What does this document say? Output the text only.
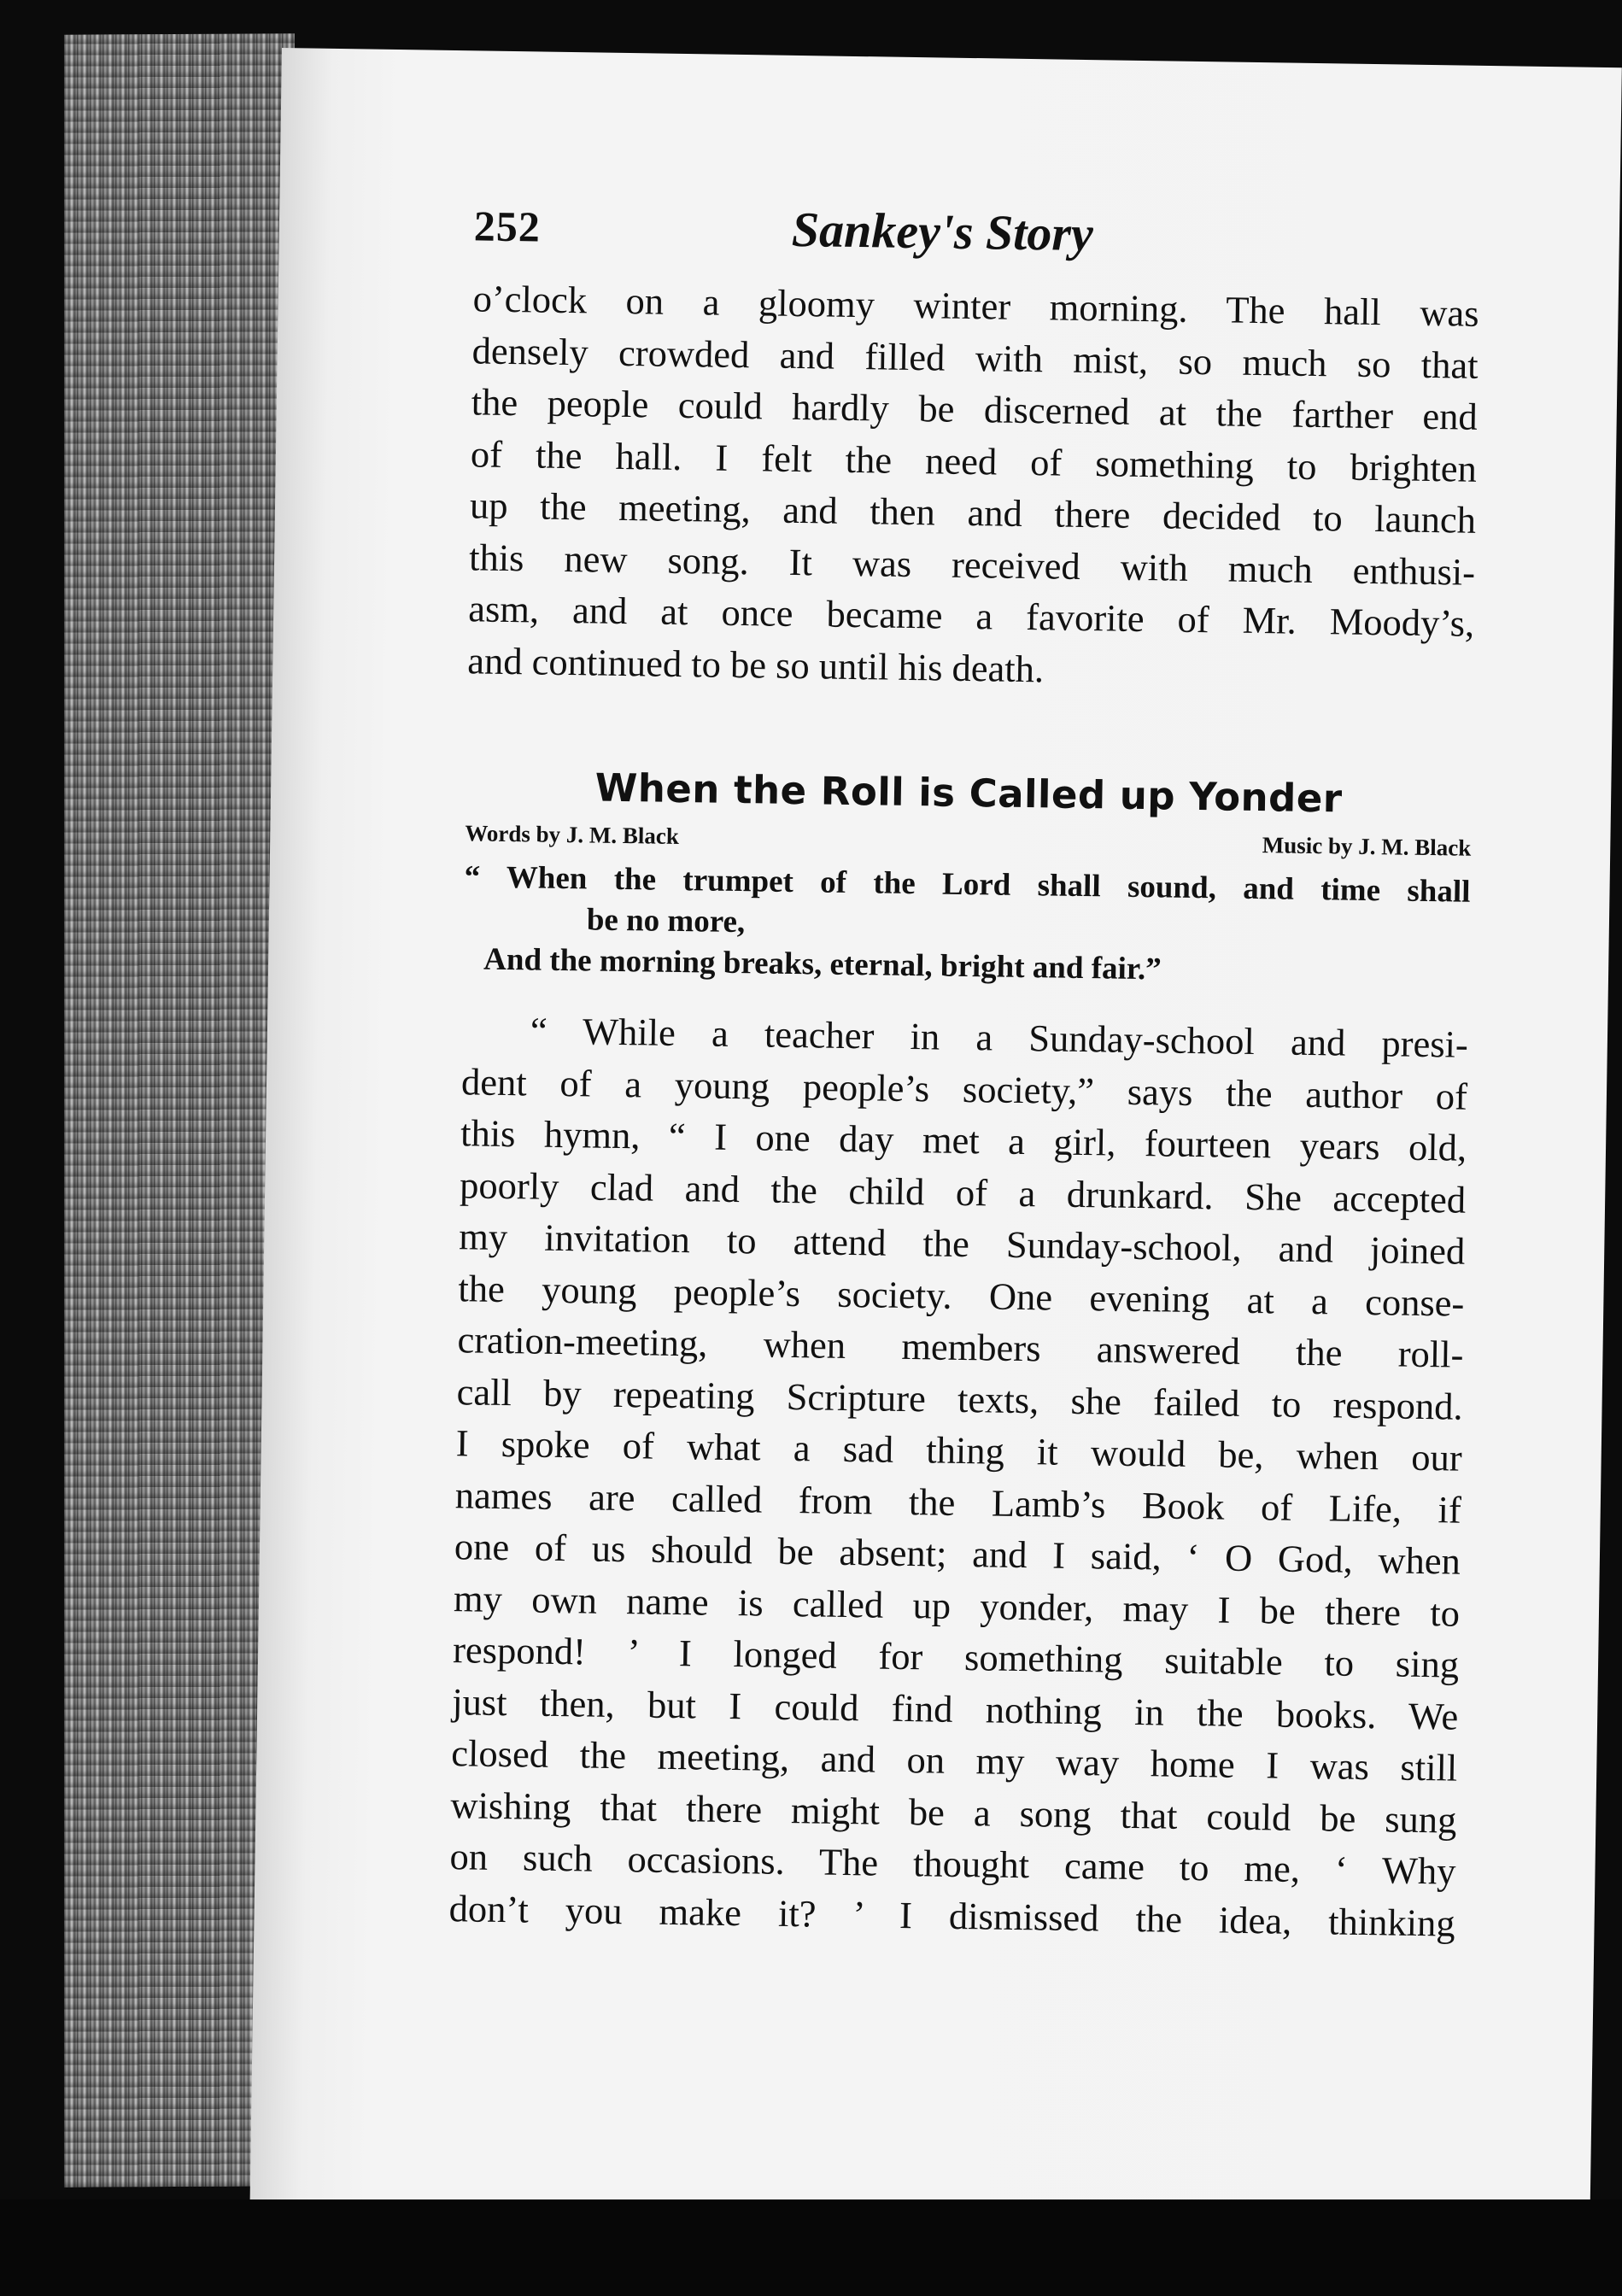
252	Sankey's Story

o’clock on a gloomy winter morning. The hall was

densely crowded and filled with mist, so much so that

the people could hardly be discerned at the farther end

of the hall. I felt the need of something to brighten

up the meeting, and then and there decided to launch

this new song. It was received with much enthusi-

asm, and at once became a favorite of Mr. Moody’s,

and continued to be so until his death.

When the Roll is Called up Yonder
Words by J. M. Black	Music by J. M. Black
“ When the trumpet of the Lord shall sound, and time shall
be no more,
And the morning breaks, eternal, bright and fair.”

“ While a teacher in a Sunday-school and presi-

dent of a young people’s society,” says the author of

this hymn, “ I one day met a girl, fourteen years old,

poorly clad and the child of a drunkard. She accepted

my invitation to attend the Sunday-school, and joined

the young people’s society. One evening at a conse-

cration-meeting, when members answered the roll-

call by repeating Scripture texts, she failed to respond.

I spoke of what a sad thing it would be, when our

names are called from the Lamb’s Book of Life, if

one of us should be absent; and I said, ‘ O God, when

my own name is called up yonder, may I be there to

respond! ’ I longed for something suitable to sing

just then, but I could find nothing in the books. We

closed the meeting, and on my way home I was still

wishing that there might be a song that could be sung

on such occasions. The thought came to me, ‘ Why

don’t you make it? ’ I dismissed the idea, thinking
